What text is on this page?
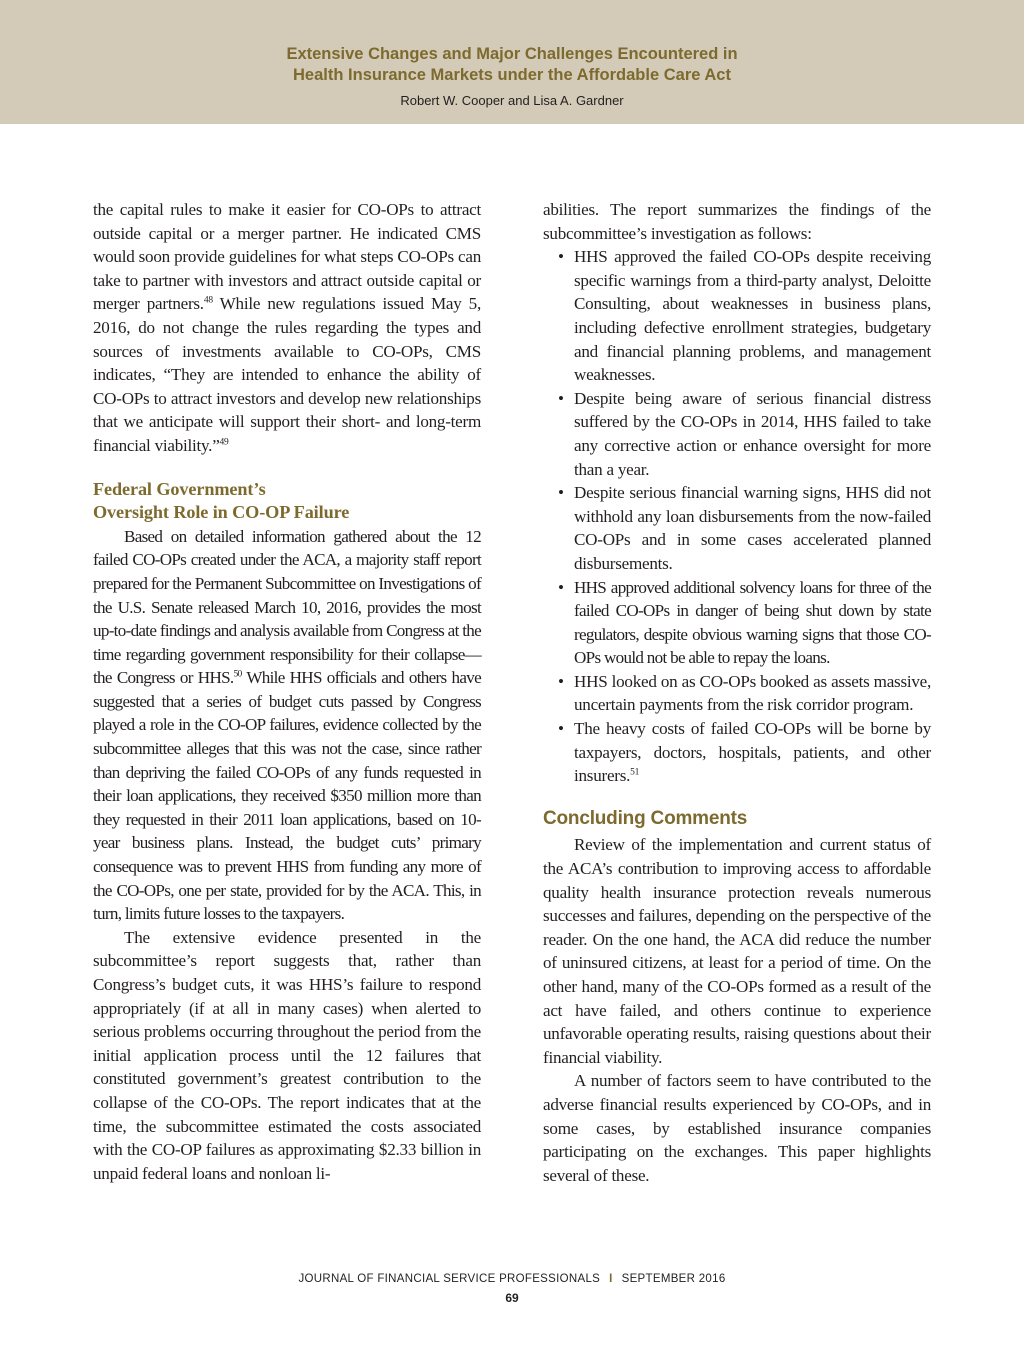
Extensive Changes and Major Challenges Encountered in
Health Insurance Markets under the Affordable Care Act
Robert W. Cooper and Lisa A. Gardner

the capital rules to make it easier for CO-OPs to attract outside capital or a merger partner. He indicated CMS would soon provide guidelines for what steps CO-OPs can take to partner with investors and attract outside capital or merger partners.$^{48}$ While new regulations issued May 5, 2016, do not change the rules regarding the types and sources of investments available to CO-OPs, CMS indicates, “They are intended to enhance the ability of CO-OPs to attract investors and develop new relationships that we anticipate will support their short- and long-term financial viability.”$^{49}$

Federal Government’s
Oversight Role in CO-OP Failure

Based on detailed information gathered about the 12 failed CO-OPs created under the ACA, a majority staff report prepared for the Permanent Subcommittee on Investigations of the U.S. Senate released March 10, 2016, provides the most up-to-date findings and analysis available from Congress at the time regarding government responsibility for their collapse—the Congress or HHS.$^{50}$ While HHS officials and others have suggested that a series of budget cuts passed by Congress played a role in the CO-OP failures, evidence collected by the subcommittee alleges that this was not the case, since rather than depriving the failed CO-OPs of any funds requested in their loan applications, they received $350 million more than they requested in their 2011 loan applications, based on 10-year business plans. Instead, the budget cuts’ primary consequence was to prevent HHS from funding any more of the CO-OPs, one per state, provided for by the ACA. This, in turn, limits future losses to the taxpayers.

The extensive evidence presented in the subcommittee’s report suggests that, rather than Congress’s budget cuts, it was HHS’s failure to respond appropriately (if at all in many cases) when alerted to serious problems occurring throughout the period from the initial application process until the 12 failures that constituted government’s greatest contribution to the collapse of the CO-OPs. The report indicates that at the time, the subcommittee estimated the costs associated with the CO-OP failures as approximating $2.33 billion in unpaid federal loans and nonloan li-

abilities. The report summarizes the findings of the subcommittee’s investigation as follows:

• HHS approved the failed CO-OPs despite receiving specific warnings from a third-party analyst, Deloitte Consulting, about weaknesses in business plans, including defective enrollment strategies, budgetary and financial planning problems, and management weaknesses.
• Despite being aware of serious financial distress suffered by the CO-OPs in 2014, HHS failed to take any corrective action or enhance oversight for more than a year.
• Despite serious financial warning signs, HHS did not withhold any loan disbursements from the now-failed CO-OPs and in some cases accelerated planned disbursements.
• HHS approved additional solvency loans for three of the failed CO-OPs in danger of being shut down by state regulators, despite obvious warning signs that those CO-OPs would not be able to repay the loans.
• HHS looked on as CO-OPs booked as assets massive, uncertain payments from the risk corridor program.
• The heavy costs of failed CO-OPs will be borne by taxpayers, doctors, hospitals, patients, and other insurers.$^{51}$
Concluding Comments

Review of the implementation and current status of the ACA’s contribution to improving access to affordable quality health insurance protection reveals numerous successes and failures, depending on the perspective of the reader. On the one hand, the ACA did reduce the number of uninsured citizens, at least for a period of time. On the other hand, many of the CO-OPs formed as a result of the act have failed, and others continue to experience unfavorable operating results, raising questions about their financial viability.

A number of factors seem to have contributed to the adverse financial results experienced by CO-OPs, and in some cases, by established insurance companies participating on the exchanges. This paper highlights several of these.

JOURNAL OF FINANCIAL SERVICE PROFESSIONALS I SEPTEMBER 2016
69
